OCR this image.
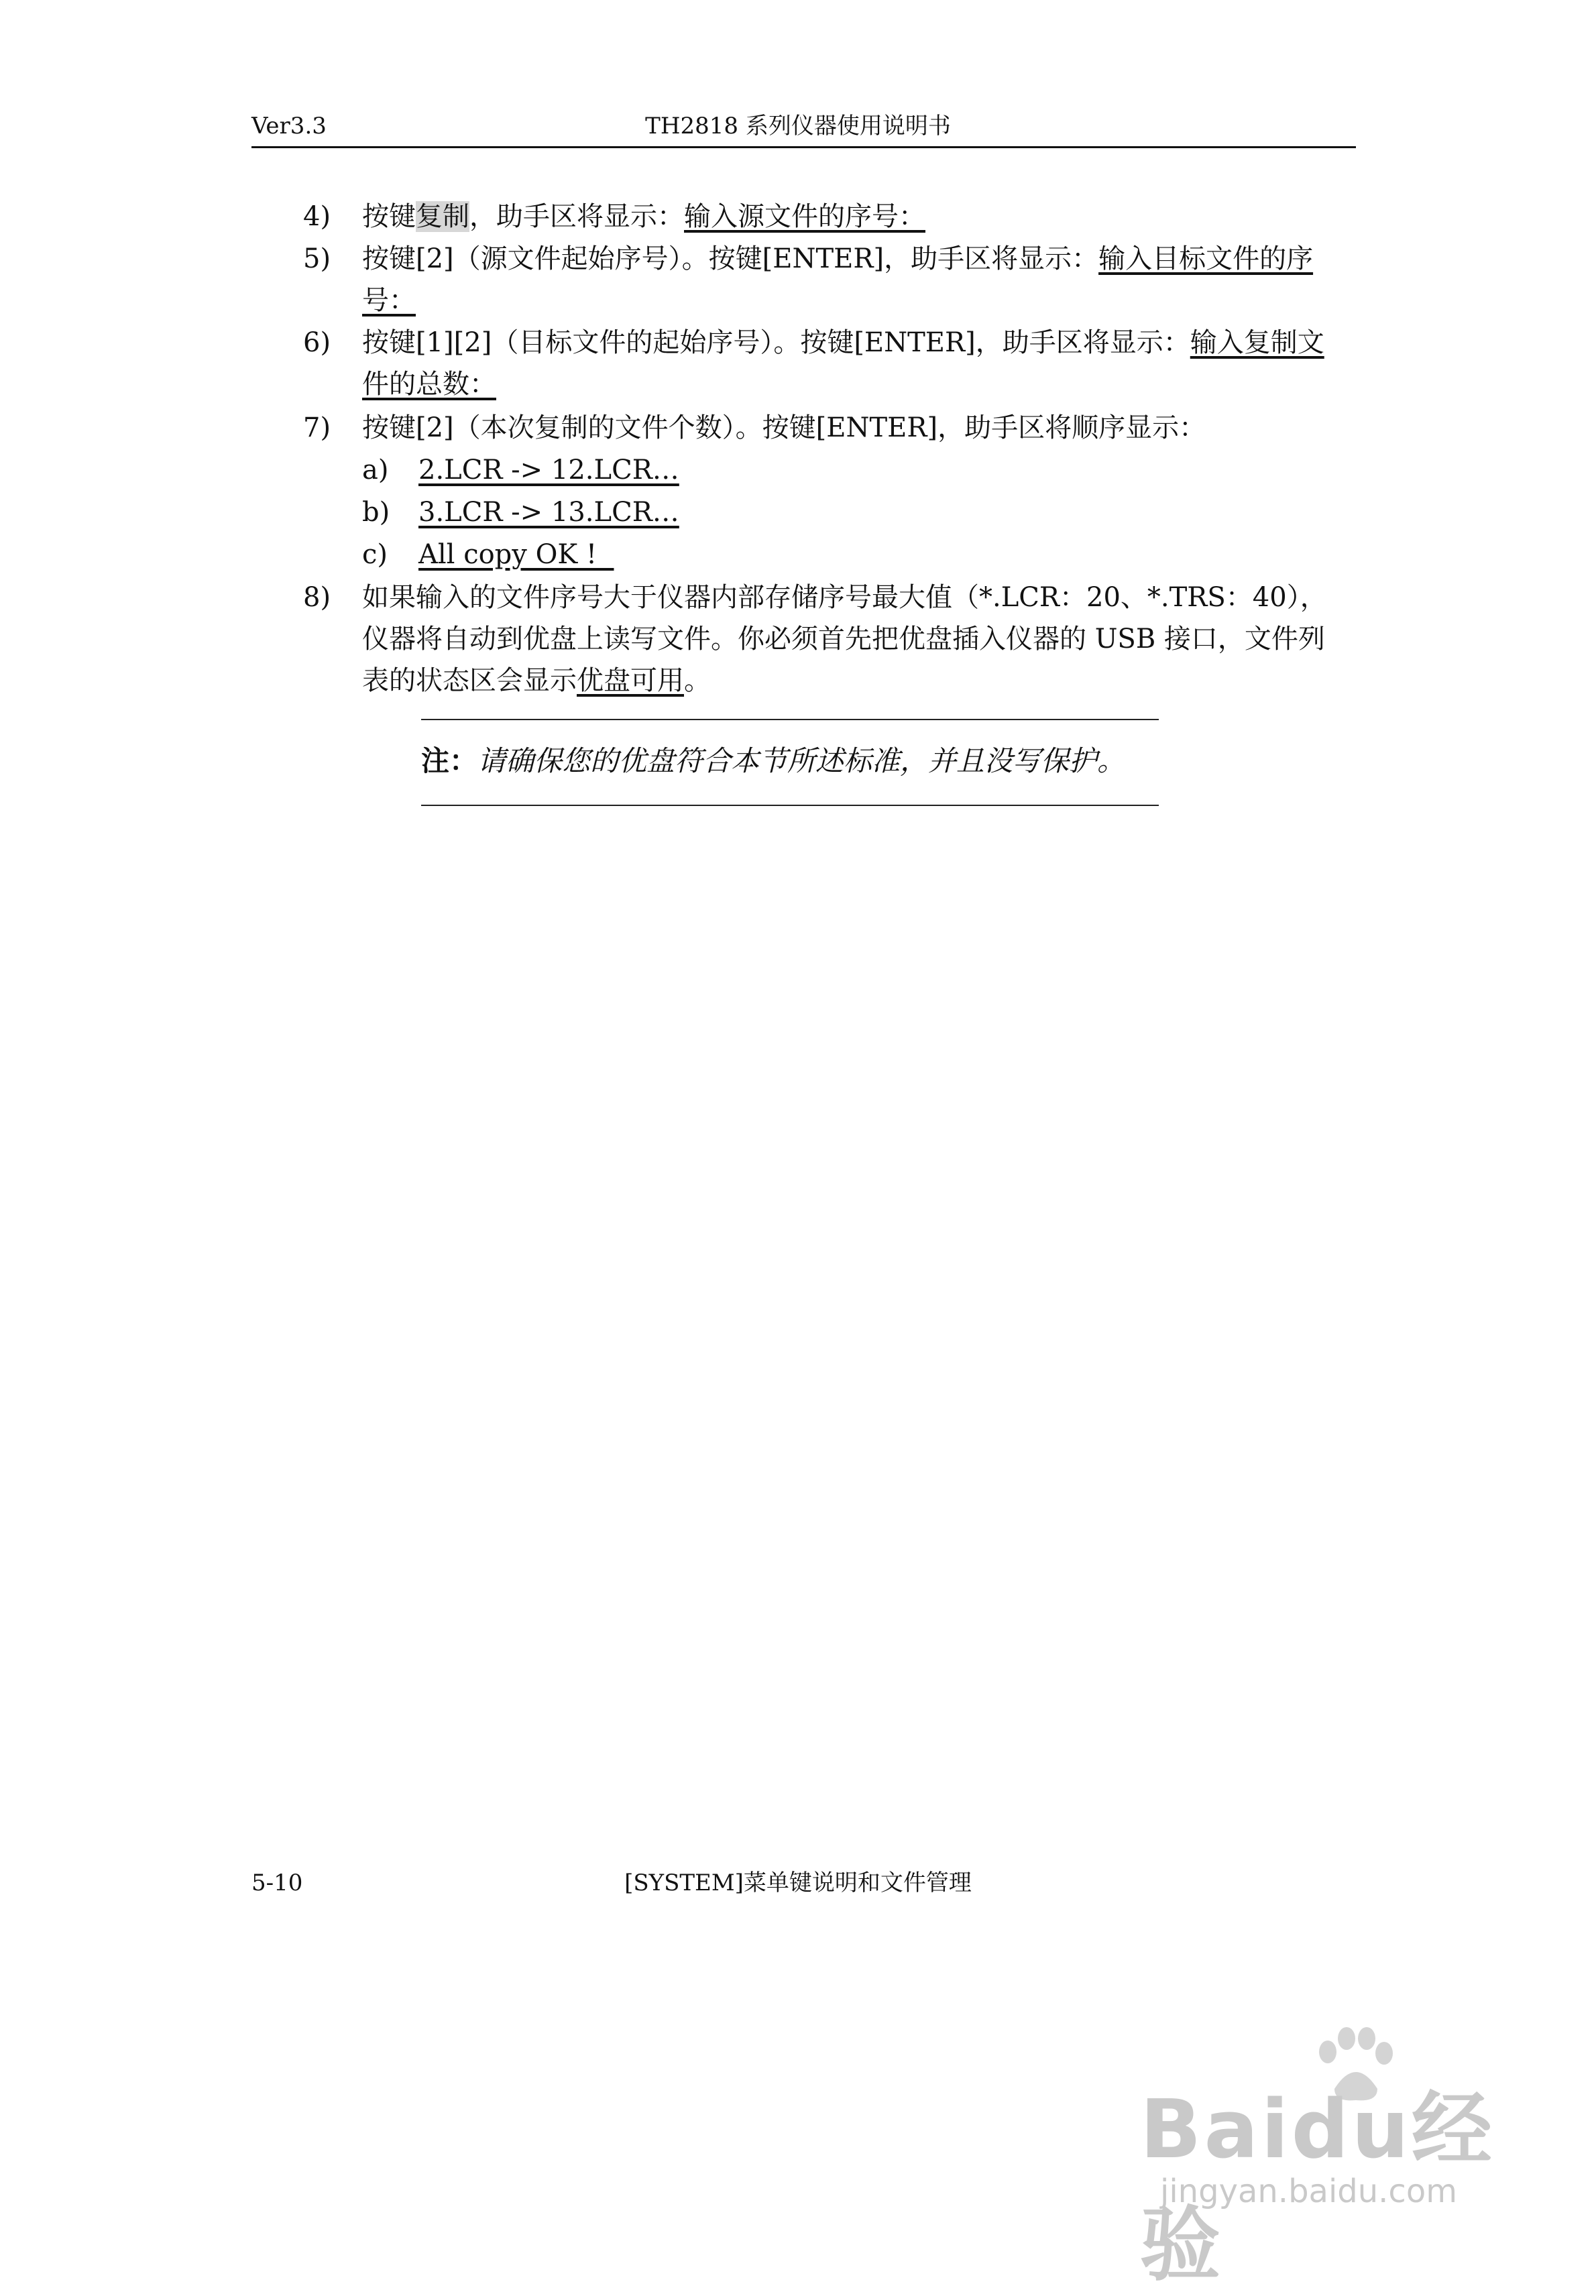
Ver3.3	TH2818 系列仪器使用说明书
4) 按键复制，助手区将显示：输入源文件的序号：
5) 按键[2]（源文件起始序号）。按键[ENTER]，助手区将显示：输入目标文件的序号：
6) 按键[1][2]（目标文件的起始序号）。按键[ENTER]，助手区将显示：输入复制文件的总数：
7) 按键[2]（本次复制的文件个数）。按键[ENTER]，助手区将顺序显示：
a) 2.LCR -> 12.LCR…
b) 3.LCR -> 13.LCR…
c) All copy OK !
8) 如果输入的文件序号大于仪器内部存储序号最大值（*.LCR：20、*.TRS：40），仪器将自动到优盘上读写文件。你必须首先把优盘插入仪器的 USB 接口，文件列表的状态区会显示优盘可用。
注：请确保您的优盘符合本节所述标准，并且没写保护。
5-10	[SYSTEM]菜单键说明和文件管理
Baidu经验
jingyan.baidu.com
